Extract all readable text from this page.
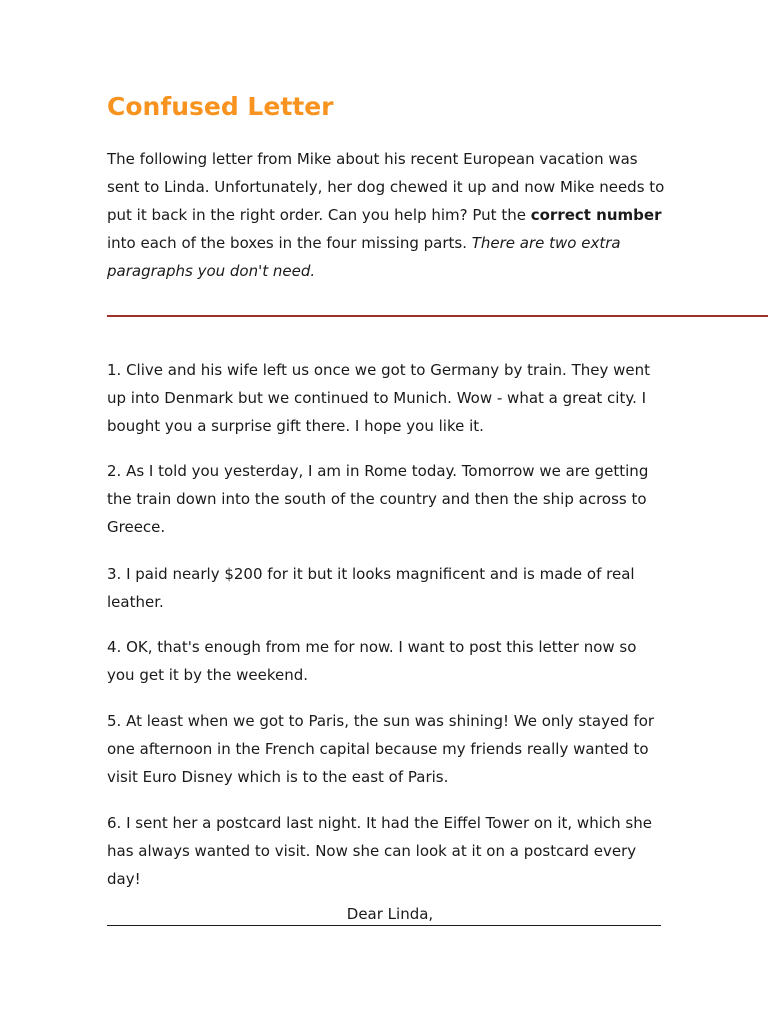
Confused Letter

The following letter from Mike about his recent European vacation was sent to Linda. Unfortunately, her dog chewed it up and now Mike needs to put it back in the right order. Can you help him? Put the correct number into each of the boxes in the four missing parts. There are two extra paragraphs you don't need.

1. Clive and his wife left us once we got to Germany by train. They went up into Denmark but we continued to Munich. Wow - what a great city. I bought you a surprise gift there. I hope you like it.

2. As I told you yesterday, I am in Rome today. Tomorrow we are getting the train down into the south of the country and then the ship across to Greece.

3. I paid nearly $200 for it but it looks magnificent and is made of real leather.

4. OK, that's enough from me for now. I want to post this letter now so you get it by the weekend.

5. At least when we got to Paris, the sun was shining! We only stayed for one afternoon in the French capital because my friends really wanted to visit Euro Disney which is to the east of Paris.

6. I sent her a postcard last night. It had the Eiffel Tower on it, which she has always wanted to visit. Now she can look at it on a postcard every day!

Dear Linda,
